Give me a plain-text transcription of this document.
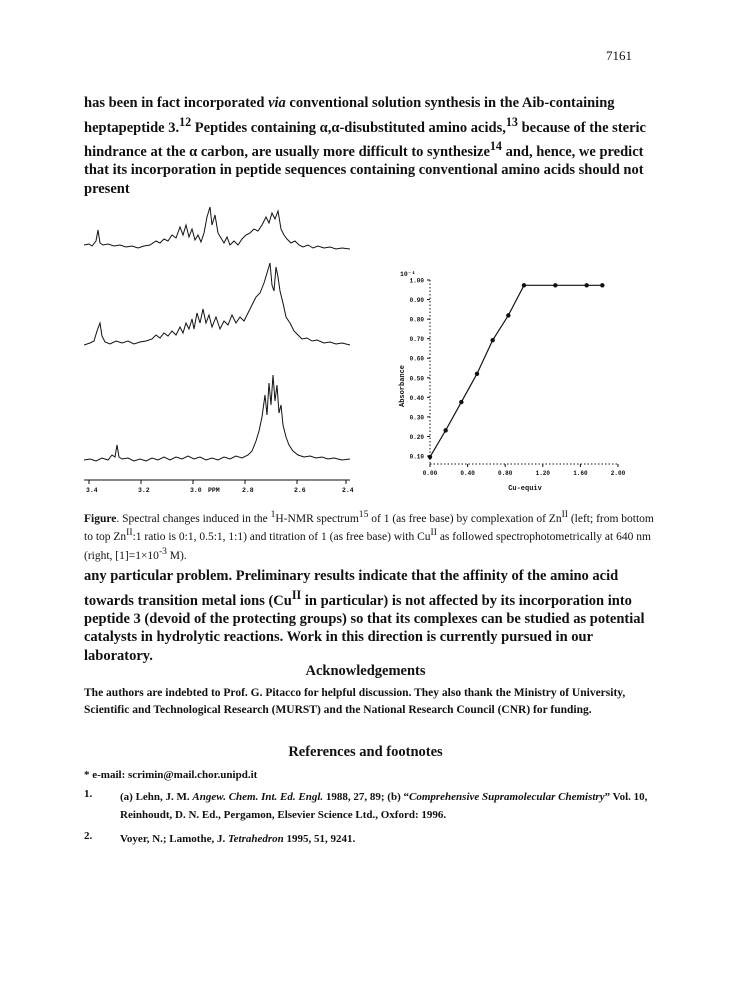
7161

has been in fact incorporated via conventional solution synthesis in the Aib-containing heptapeptide 3.12 Peptides containing α,α-disubstituted amino acids,$^{13}$ because of the steric hindrance at the α carbon, are usually more difficult to synthesize$^{14}$ and, hence, we predict that its incorporation in peptide sequences containing conventional amino acids should not present

3.4	3.2	3.0 PPM	2.8	2.6	2.4
10⁻¹
Absorbance
Cu-equiv
1.00
0.90
0.80
0.70
0.60
0.50
0.40
0.30
0.20
0.10
0.00	0.40	0.80	1.20	1.60	2.00

Figure. Spectral changes induced in the $^1$H-NMR spectrum$^{15}$ of 1 (as free base) by complexation of $Zn^{II}$ (left; from bottom to top $Zn^{II}:1$ ratio is 0:1, 0.5:1, 1:1) and titration of 1 (as free base) with $Cu^{II}$ as followed spectrophotometrically at 640 nm (right, $[1]=1\times 10^{-3}$ M).

any particular problem. Preliminary results indicate that the affinity of the amino acid towards transition metal ions ($Cu^{II}$ in particular) is not affected by its incorporation into peptide 3 (devoid of the protecting groups) so that its complexes can be studied as potential catalysts in hydrolytic reactions. Work in this direction is currently pursued in our laboratory.

Acknowledgements

The authors are indebted to Prof. G. Pitacco for helpful discussion. They also thank the Ministry of University, Scientific and Technological Research (MURST) and the National Research Council (CNR) for funding.

References and footnotes
* e-mail: scrimin@mail.chor.unipd.it
1.	(a) Lehn, J. M. Angew. Chem. Int. Ed. Engl. 1988, 27, 89; (b) “Comprehensive Supramolecular Chemistry” Vol. 10, Reinhoudt, D. N. Ed., Pergamon, Elsevier Science Ltd., Oxford: 1996.
2.	Voyer, N.; Lamothe, J. Tetrahedron 1995, 51, 9241.
